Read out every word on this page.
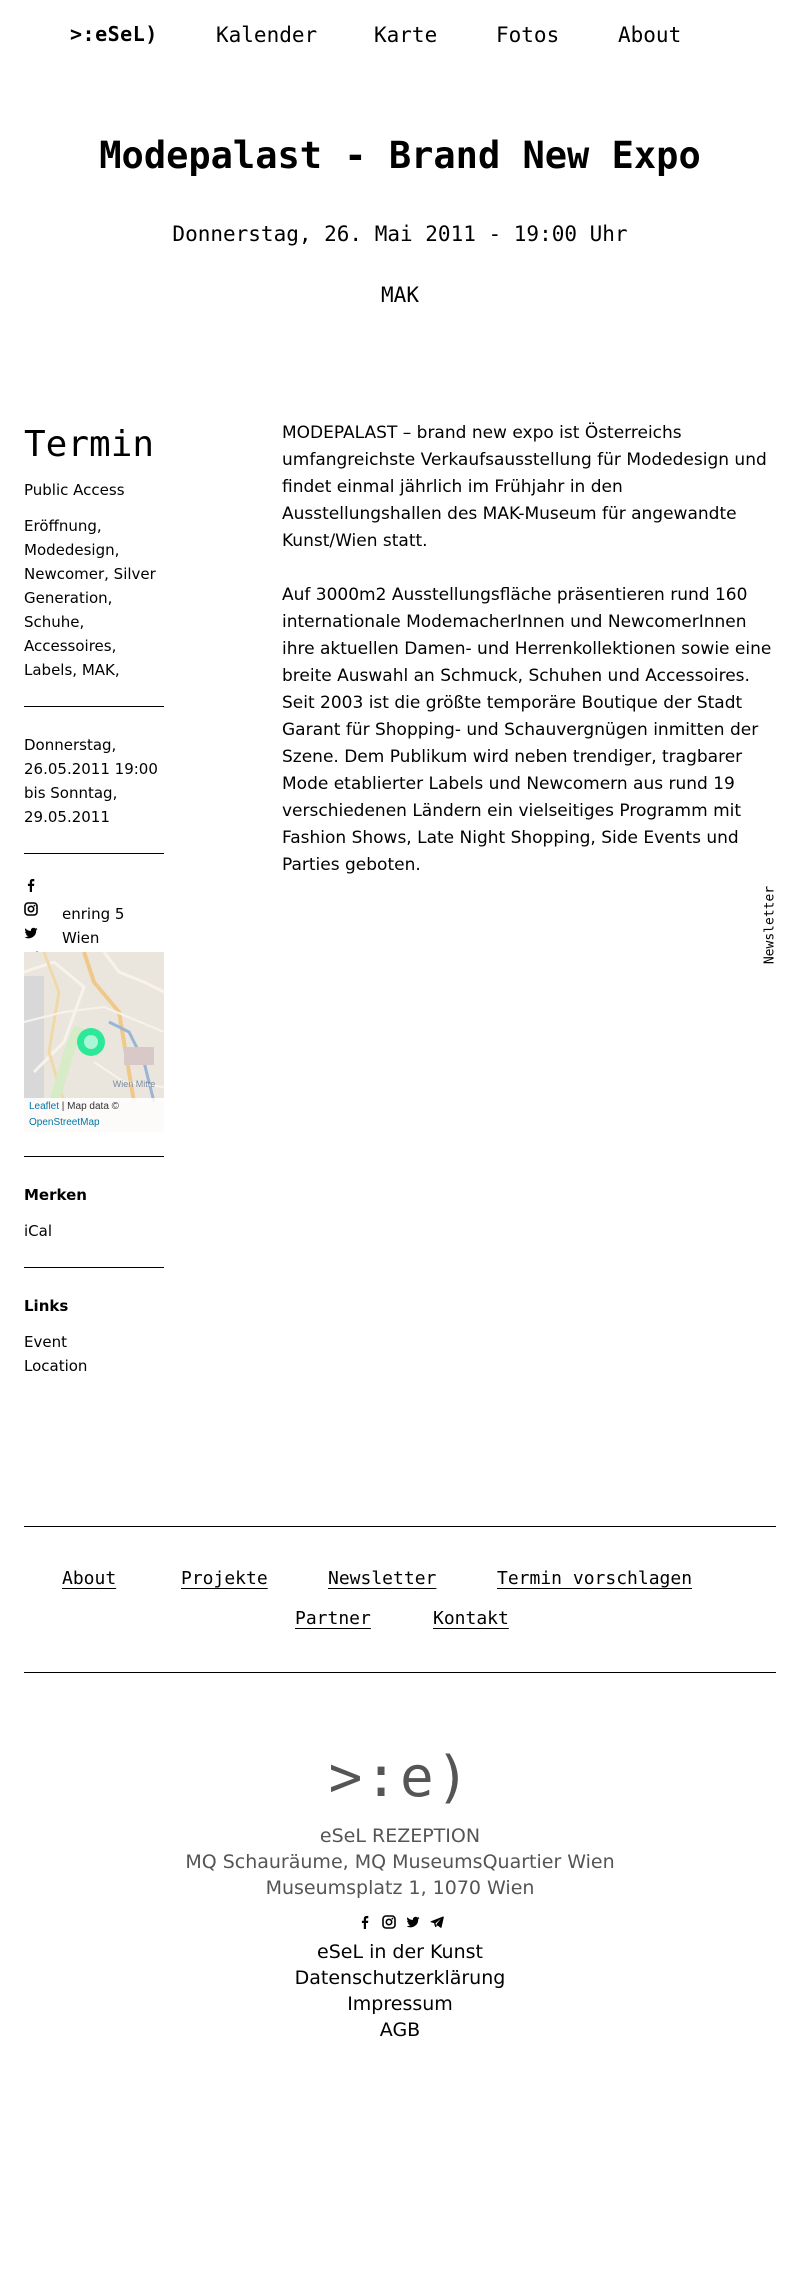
>:eSeL)	Kalender	Karte	Fotos	About
Modepalast - Brand New Expo
Donnerstag, 26. Mai 2011 - 19:00 Uhr
MAK
Termin
Public Access
Eröffnung, Modedesign, Newcomer, Silver Generation, Schuhe, Accessoires, Labels, MAK,
Donnerstag, 26.05.2011 19:00 bis Sonntag, 29.05.2011
enring 5
Wien
Wien Mitte
Leaflet | Map data ©
OpenStreetMap
Merken
iCal
Links
Event
Location

MODEPALAST – brand new expo ist Österreichs umfangreichste Verkaufsausstellung für Modedesign und findet einmal jährlich im Frühjahr in den Ausstellungshallen des MAK-Museum für angewandte Kunst/Wien statt.

Auf 3000m2 Ausstellungsfläche präsentieren rund 160 internationale ModemacherInnen und NewcomerInnen ihre aktuellen Damen- und Herrenkollektionen sowie eine breite Auswahl an Schmuck, Schuhen und Accessoires. Seit 2003 ist die größte temporäre Boutique der Stadt Garant für Shopping- und Schauvergnügen inmitten der Szene. Dem Publikum wird neben trendiger, tragbarer Mode etablierter Labels und Newcomern aus rund 19 verschiedenen Ländern ein vielseitiges Programm mit Fashion Shows, Late Night Shopping, Side Events und Parties geboten.

Newsletter
About	Projekte	Newsletter	Termin vorschlagen
Partner	Kontakt
>:e)
eSeL REZEPTION
MQ Schauräume, MQ MuseumsQuartier Wien
Museumsplatz 1, 1070 Wien
eSeL in der Kunst
Datenschutzerklärung
Impressum
AGB
